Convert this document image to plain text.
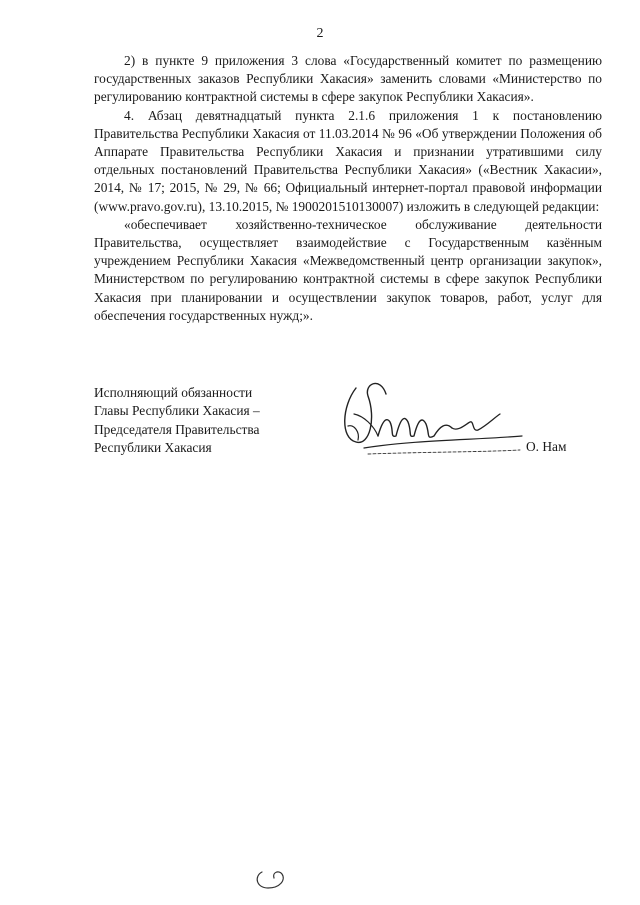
2

2) в пункте 9 приложения 3 слова «Государственный комитет по размещению государственных заказов Республики Хакасия» заменить словами «Министерство по регулированию контрактной системы в сфере закупок Республики Хакасия».

4. Абзац девятнадцатый пункта 2.1.6 приложения 1 к постановлению Правительства Республики Хакасия от 11.03.2014 № 96 «Об утверждении Положения об Аппарате Правительства Республики Хакасия и признании утратившими силу отдельных постановлений Правительства Республики Хакасия» («Вестник Хакасии», 2014, № 17; 2015, № 29, № 66; Официальный интернет-портал правовой информации (www.pravo.gov.ru), 13.10.2015, № 1900201510130007) изложить в следующей редакции:

«обеспечивает хозяйственно-техническое обслуживание деятельности Правительства, осуществляет взаимодействие с Государственным казённым учреждением Республики Хакасия «Межведомственный центр организации закупок», Министерством по регулированию контрактной системы в сфере закупок Республики Хакасия при планировании и осуществлении закупок товаров, работ, услуг для обеспечения государственных нужд;».

Исполняющий обязанности
Главы Республики Хакасия –
Председателя Правительства
Республики Хакасия	О. Нам
